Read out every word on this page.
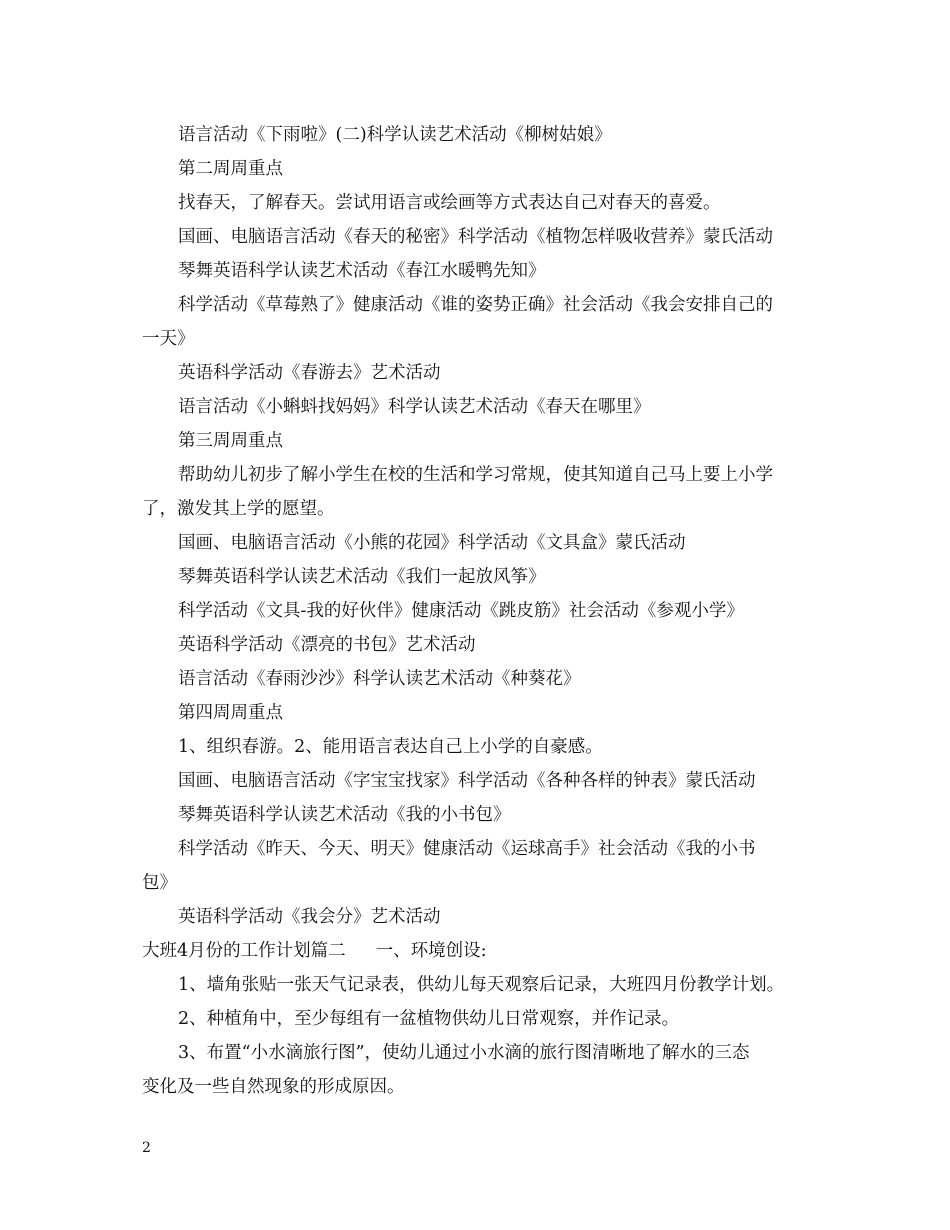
语言活动《下雨啦》(二)科学认读艺术活动《柳树姑娘》
第二周周重点
找春天，了解春天。尝试用语言或绘画等方式表达自己对春天的喜爱。
国画、电脑语言活动《春天的秘密》科学活动《植物怎样吸收营养》蒙氏活动
琴舞英语科学认读艺术活动《春江水暖鸭先知》
科学活动《草莓熟了》健康活动《谁的姿势正确》社会活动《我会安排自己的
一天》
英语科学活动《春游去》艺术活动
语言活动《小蝌蚪找妈妈》科学认读艺术活动《春天在哪里》
第三周周重点
帮助幼儿初步了解小学生在校的生活和学习常规，使其知道自己马上要上小学
了，激发其上学的愿望。
国画、电脑语言活动《小熊的花园》科学活动《文具盒》蒙氏活动
琴舞英语科学认读艺术活动《我们一起放风筝》
科学活动《文具-我的好伙伴》健康活动《跳皮筋》社会活动《参观小学》
英语科学活动《漂亮的书包》艺术活动
语言活动《春雨沙沙》科学认读艺术活动《种葵花》
第四周周重点
1、组织春游。2、能用语言表达自己上小学的自豪感。
国画、电脑语言活动《字宝宝找家》科学活动《各种各样的钟表》蒙氏活动
琴舞英语科学认读艺术活动《我的小书包》
科学活动《昨天、今天、明天》健康活动《运球高手》社会活动《我的小书
包》
英语科学活动《我会分》艺术活动
大班4月份的工作计划篇二 一、环境创设:
1、墙角张贴一张天气记录表，供幼儿每天观察后记录，大班四月份教学计划。
2、种植角中，至少每组有一盆植物供幼儿日常观察，并作记录。
3、布置“小水滴旅行图”，使幼儿通过小水滴的旅行图清晰地了解水的三态
变化及一些自然现象的形成原因。
2
